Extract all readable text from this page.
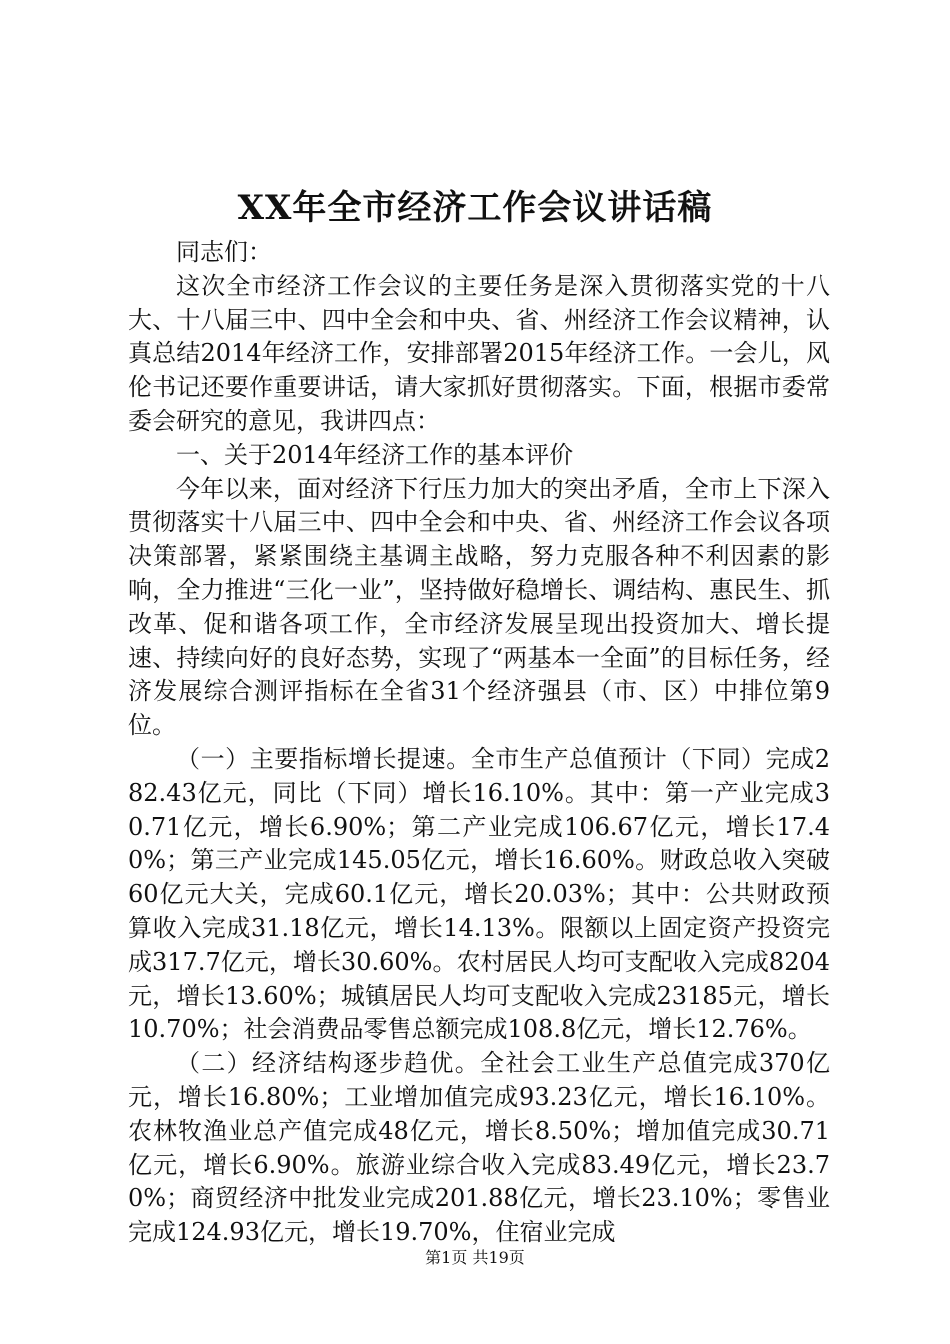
XX年全市经济工作会议讲话稿

同志们：

这次全市经济工作会议的主要任务是深入贯彻落实党的十八大、十八届三中、四中全会和中央、省、州经济工作会议精神，认真总结2014年经济工作，安排部署2015年经济工作。一会儿，风伦书记还要作重要讲话，请大家抓好贯彻落实。下面，根据市委常委会研究的意见，我讲四点：

一、关于2014年经济工作的基本评价

今年以来，面对经济下行压力加大的突出矛盾，全市上下深入贯彻落实十八届三中、四中全会和中央、省、州经济工作会议各项决策部署，紧紧围绕主基调主战略，努力克服各种不利因素的影响，全力推进“三化一业”，坚持做好稳增长、调结构、惠民生、抓改革、促和谐各项工作，全市经济发展呈现出投资加大、增长提速、持续向好的良好态势，实现了“两基本一全面”的目标任务，经济发展综合测评指标在全省31个经济强县（市、区）中排位第9位。

（一）主要指标增长提速。全市生产总值预计（下同）完成282.43亿元，同比（下同）增长16.10%。其中：第一产业完成30.71亿元，增长6.90%；第二产业完成106.67亿元，增长17.40%；第三产业完成145.05亿元，增长16.60%。财政总收入突破60亿元大关，完成60.1亿元，增长20.03%；其中：公共财政预算收入完成31.18亿元，增长14.13%。限额以上固定资产投资完成317.7亿元，增长30.60%。农村居民人均可支配收入完成8204元，增长13.60%；城镇居民人均可支配收入完成23185元，增长10.70%；社会消费品零售总额完成108.8亿元，增长12.76%。

（二）经济结构逐步趋优。全社会工业生产总值完成370亿元，增长16.80%；工业增加值完成93.23亿元，增长16.10%。农林牧渔业总产值完成48亿元，增长8.50%；增加值完成30.71亿元，增长6.90%。旅游业综合收入完成83.49亿元，增长23.70%；商贸经济中批发业完成201.88亿元，增长23.10%；零售业完成124.93亿元，增长19.70%，住宿业完成

第1页 共19页
